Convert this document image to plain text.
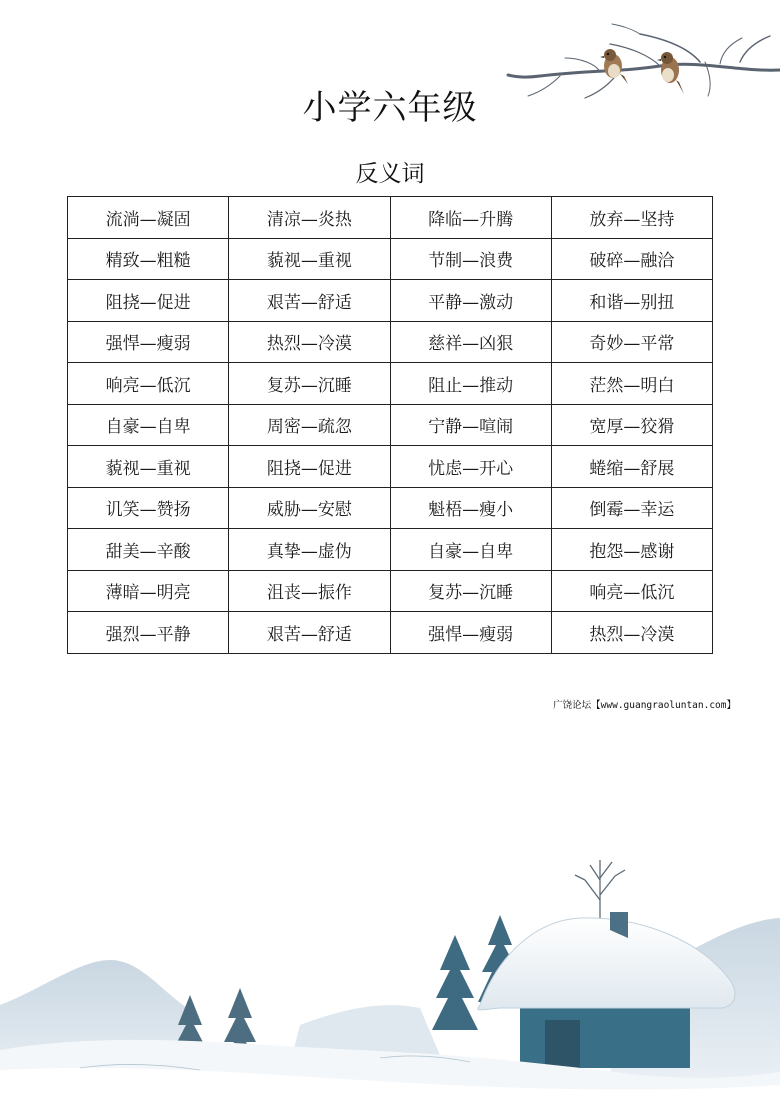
小学六年级
反义词
流淌—凝固	清凉—炎热	降临—升腾	放弃—坚持
精致—粗糙	藐视—重视	节制—浪费	破碎—融洽
阻挠—促进	艰苦—舒适	平静—激动	和谐—别扭
强悍—瘦弱	热烈—冷漠	慈祥—凶狠	奇妙—平常
响亮—低沉	复苏—沉睡	阻止—推动	茫然—明白
自豪—自卑	周密—疏忽	宁静—喧闹	宽厚—狡猾
藐视—重视	阻挠—促进	忧虑—开心	蜷缩—舒展
讥笑—赞扬	威胁—安慰	魁梧—瘦小	倒霉—幸运
甜美—辛酸	真挚—虚伪	自豪—自卑	抱怨—感谢
薄暗—明亮	沮丧—振作	复苏—沉睡	响亮—低沉
强烈—平静	艰苦—舒适	强悍—瘦弱	热烈—冷漠
广饶论坛【www.guangraoluntan.com】
